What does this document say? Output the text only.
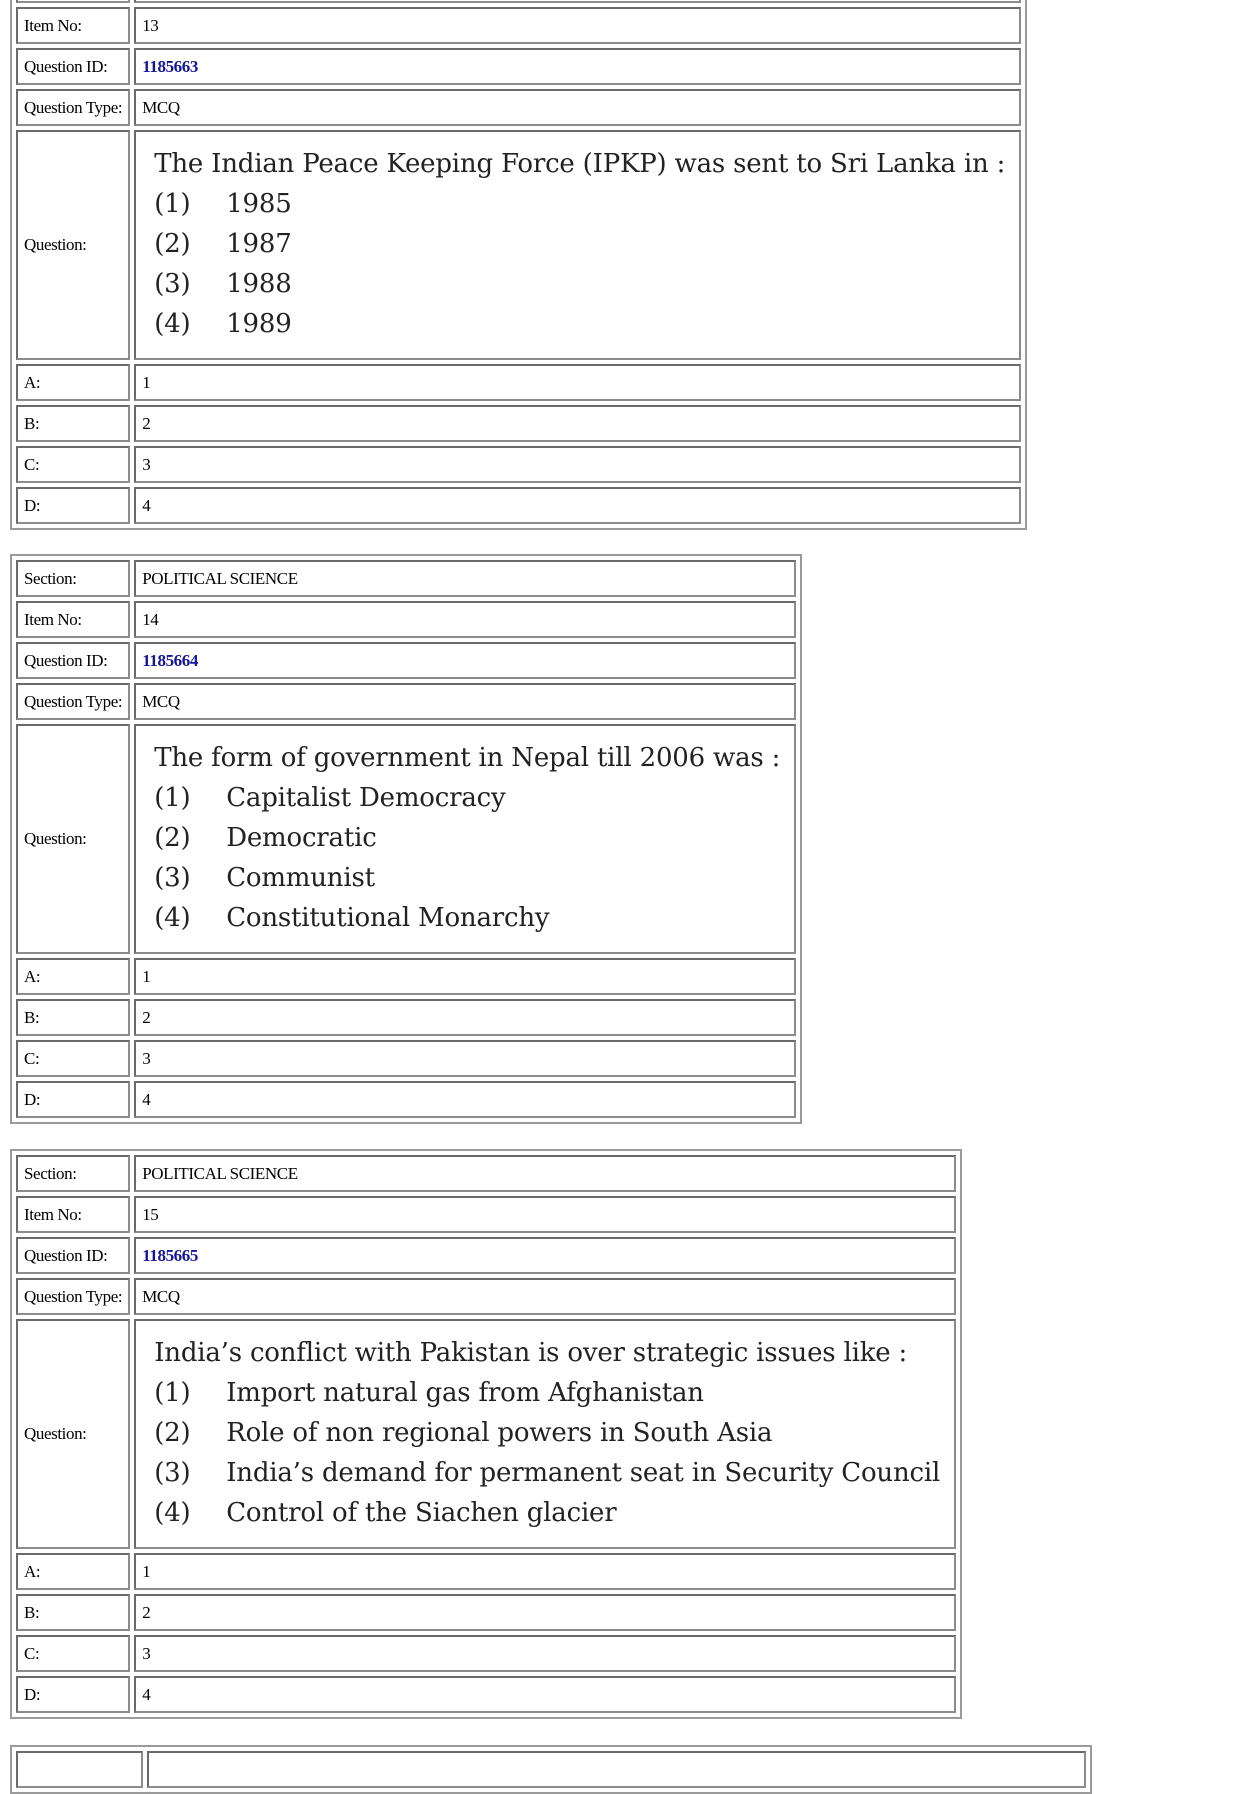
Item No:	13
Question ID:	1185663
Question Type:	MCQ
Question:	The Indian Peace Keeping Force (IPKP) was sent to Sri Lanka in :
(1) 1985
(2) 1987
(3) 1988
(4) 1989

A:	1
B:	2
C:	3
D:	4
Section:	POLITICAL SCIENCE
Item No:	14
Question ID:	1185664
Question Type:	MCQ
Question:	The form of government in Nepal till 2006 was :
(1) Capitalist Democracy
(2) Democratic
(3) Communist
(4) Constitutional Monarchy

A:	1
B:	2
C:	3
D:	4
Section:	POLITICAL SCIENCE
Item No:	15
Question ID:	1185665
Question Type:	MCQ
Question:	India’s conflict with Pakistan is over strategic issues like :
(1) Import natural gas from Afghanistan
(2) Role of non regional powers in South Asia
(3) India’s demand for permanent seat in Security Council
(4) Control of the Siachen glacier

A:	1
B:	2
C:	3
D:	4
